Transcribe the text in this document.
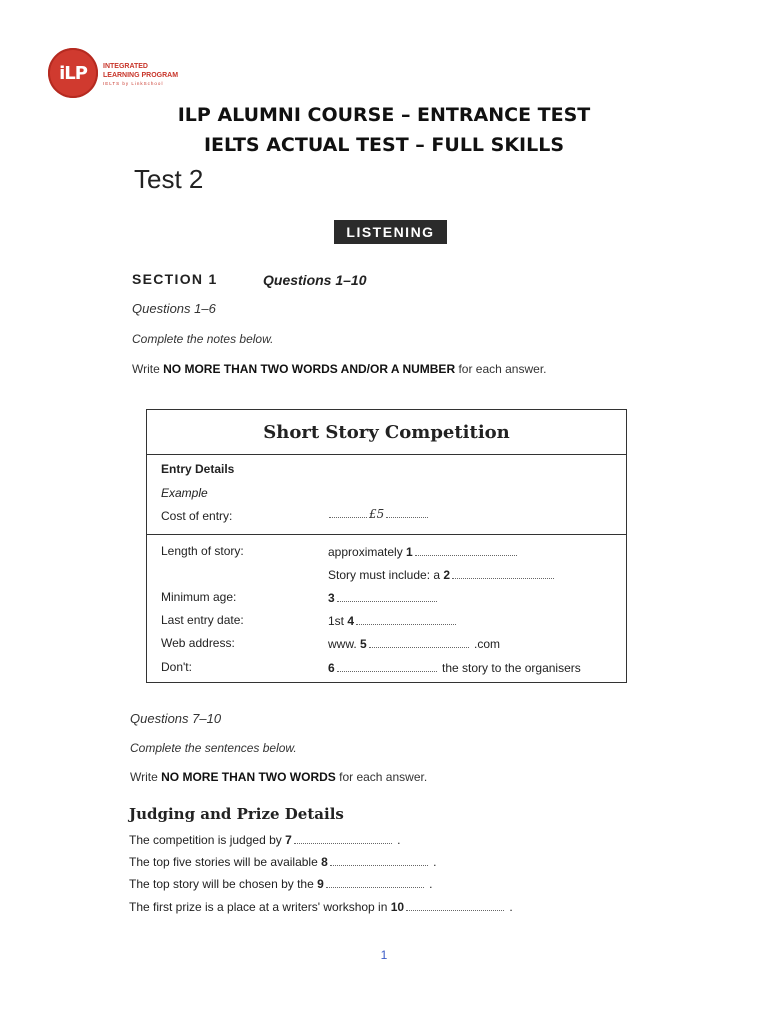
iLP INTEGRATED
LEARNING PROGRAM
IELTS by LinkSchool
ILP ALUMNI COURSE – ENTRANCE TEST
IELTS ACTUAL TEST – FULL SKILLS
Test 2
LISTENING
SECTION 1	Questions 1–10
Questions 1–6
Complete the notes below.
Write NO MORE THAN TWO WORDS AND/OR A NUMBER for each answer.
Short Story Competition
Entry Details
Example
Cost of entry:	£5
Length of story:	approximately 1
Story must include: a 2
Minimum age:	3
Last entry date:	1st 4
Web address:	www. 5	.com
Don't:	6	the story to the organisers
Questions 7–10
Complete the sentences below.
Write NO MORE THAN TWO WORDS for each answer.
Judging and Prize Details
The competition is judged by 7	.
The top five stories will be available 8	.
The top story will be chosen by the 9	.
The first prize is a place at a writers' workshop in 10	.
1
